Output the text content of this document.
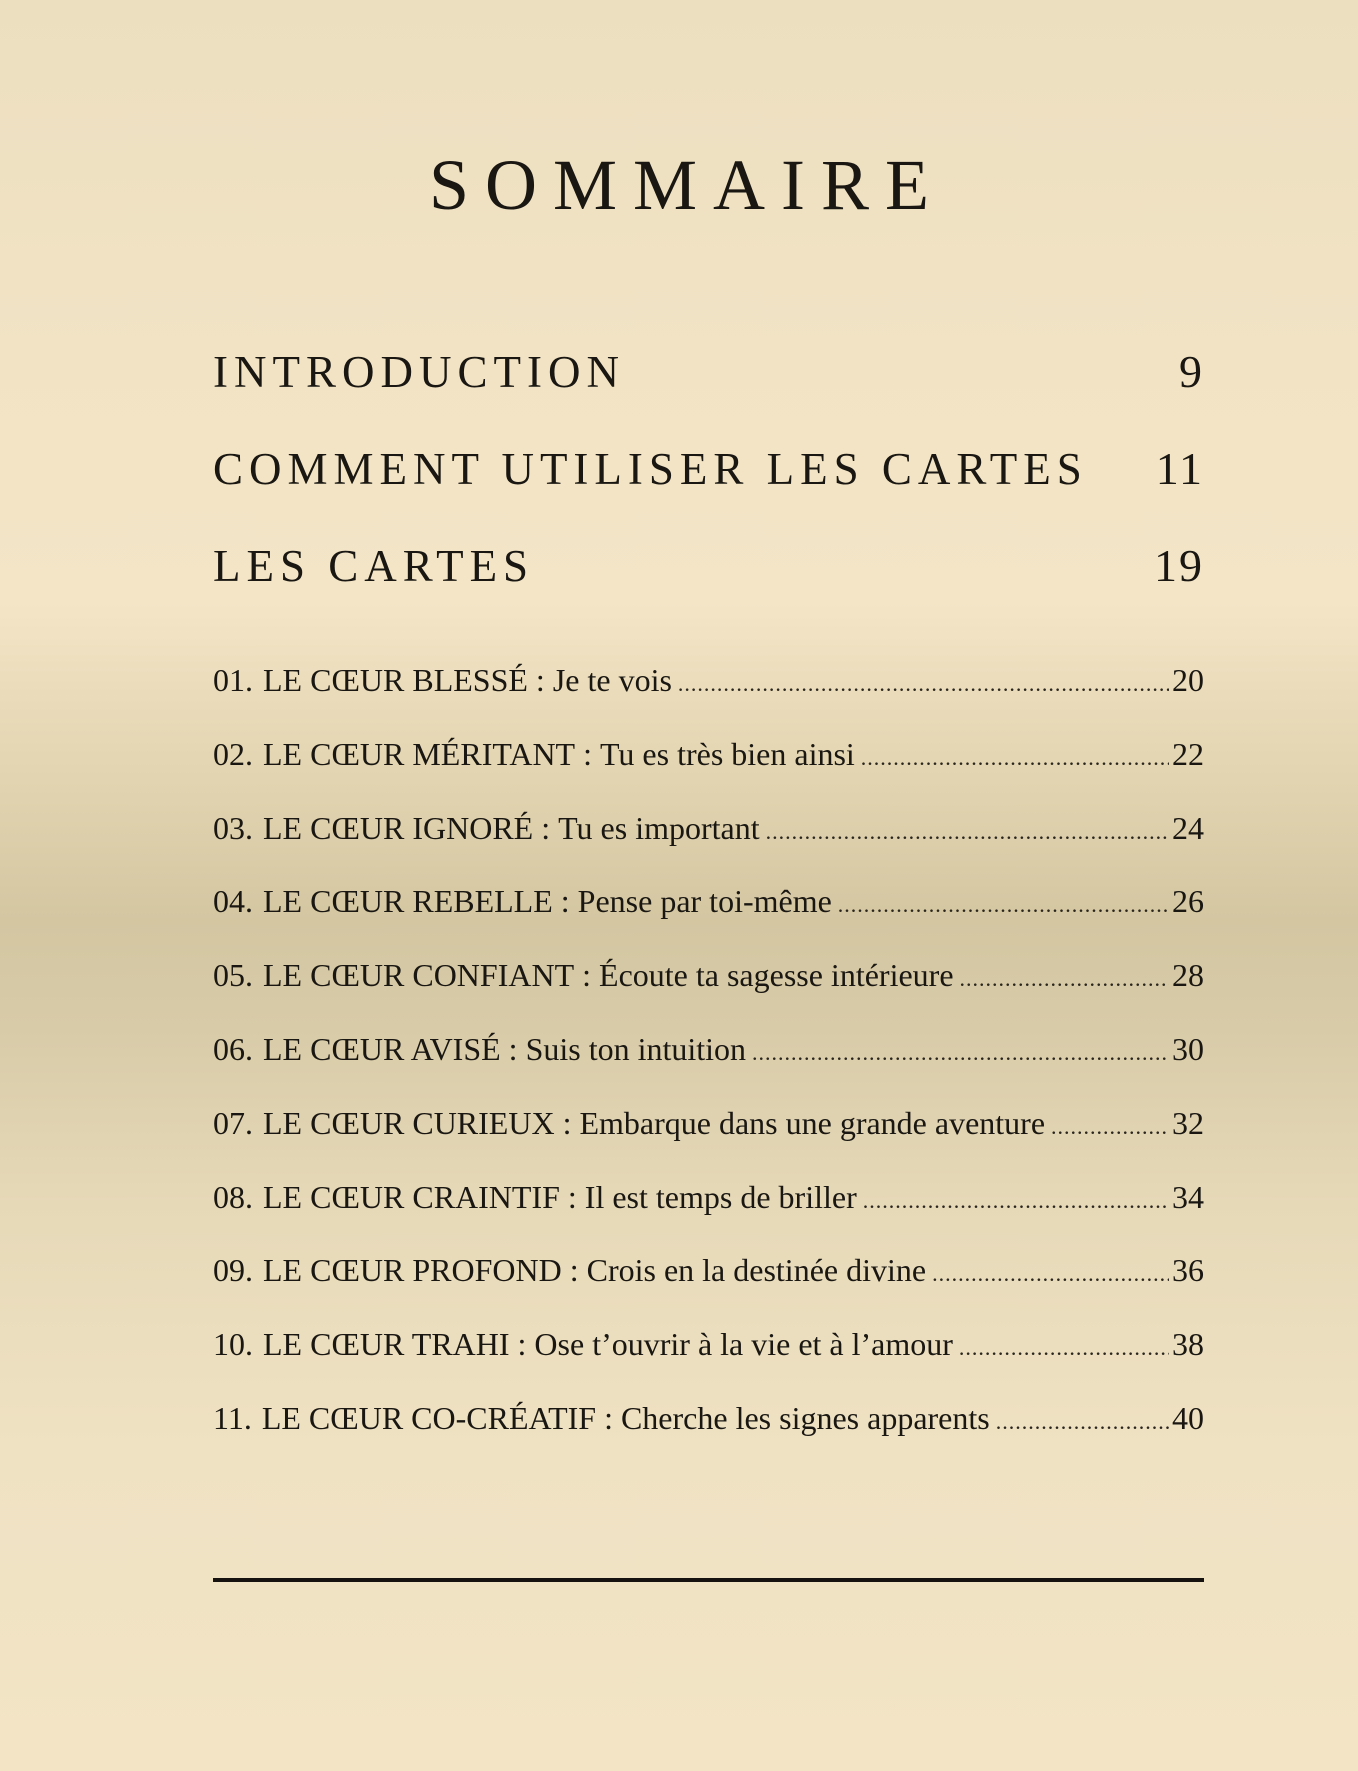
SOMMAIRE
INTRODUCTION	9
COMMENT UTILISER LES CARTES 11
LES CARTES	19
01. LE CŒUR BLESSÉ : Je te vois .....	20
02. LE CŒUR MÉRITANT : Tu es très bien ainsi .....	22
03. LE CŒUR IGNORÉ : Tu es important .....	24
04. LE CŒUR REBELLE : Pense par toi-même .....	26
05. LE CŒUR CONFIANT : Écoute ta sagesse intérieure .....	28
06. LE CŒUR AVISÉ : Suis ton intuition .....	30
07. LE CŒUR CURIEUX : Embarque dans une grande aventure .....	32
08. LE CŒUR CRAINTIF : Il est temps de briller .....	34
09. LE CŒUR PROFOND : Crois en la destinée divine .....	36
10. LE CŒUR TRAHI : Ose t’ouvrir à la vie et à l’amour .....	38
11. LE CŒUR CO-CRÉATIF : Cherche les signes apparents .....	40
